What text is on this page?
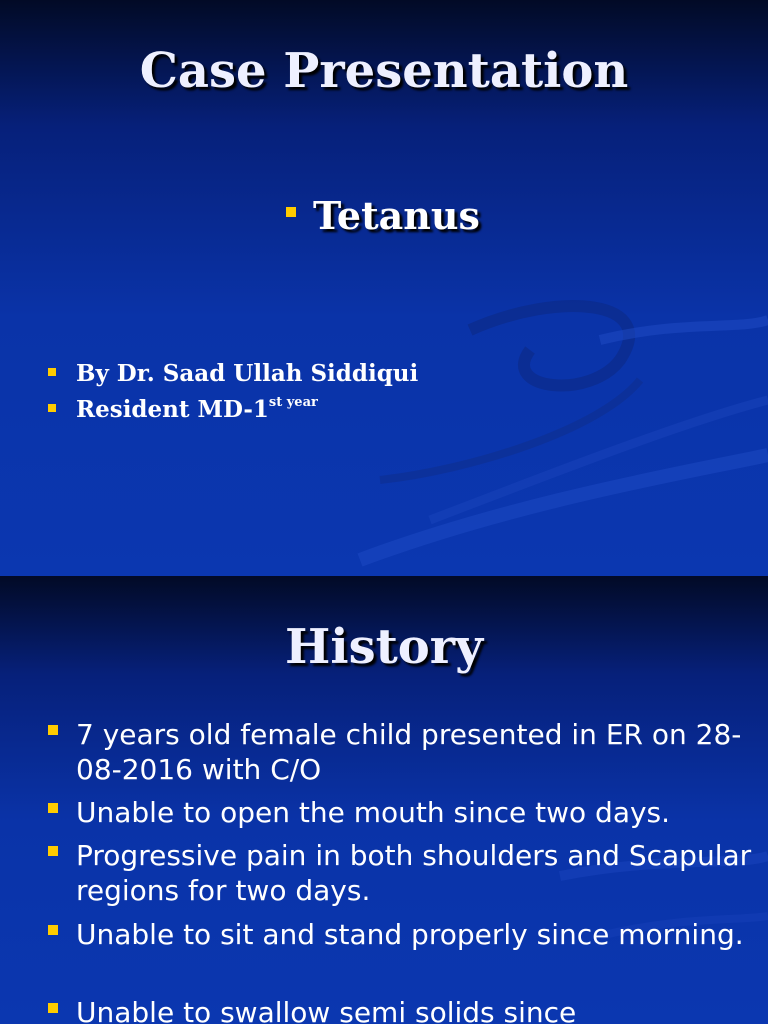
Case Presentation
Tetanus
By Dr. Saad Ullah Siddiqui
Resident $MD-1^{st year}$
History
7 years old female child presented in ER on 28-08-2016 with C/O
Unable to open the mouth since two days.
Progressive pain in both shoulders and Scapular regions for two days.
Unable to sit and stand properly since morning.
Unable to swallow semi solids since
